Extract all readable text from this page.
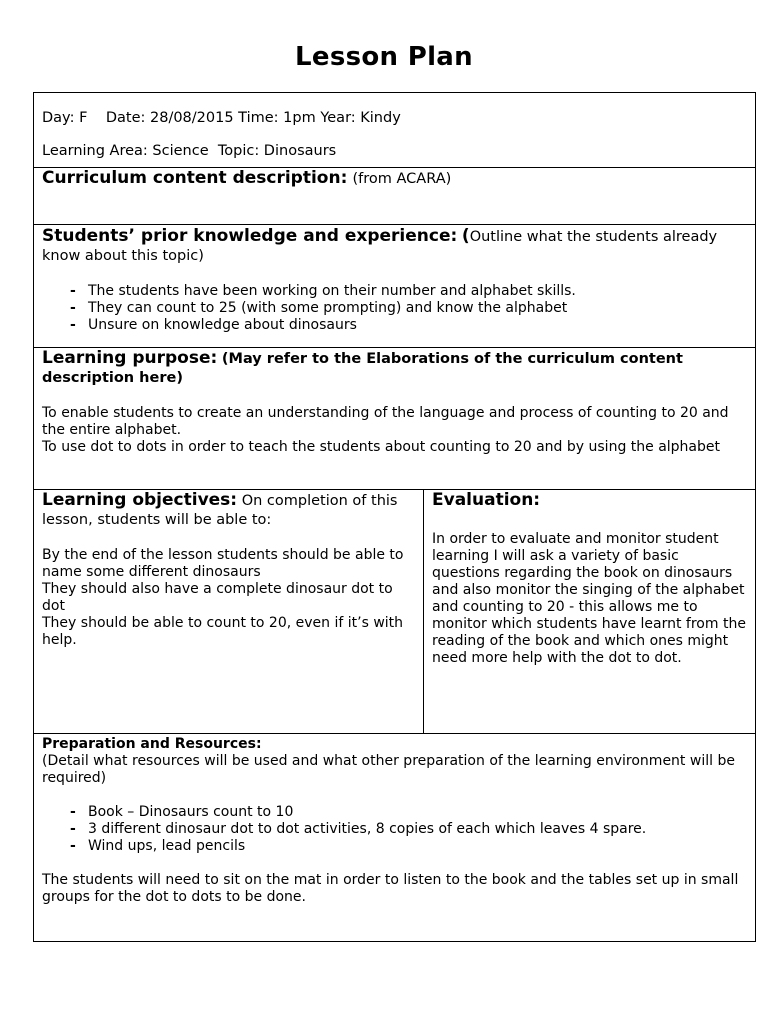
Lesson Plan

Day: F    Date: 28/08/2015 Time: 1pm Year: Kindy

Learning Area: Science  Topic: Dinosaurs

Curriculum content description: (from ACARA)
Students’ prior knowledge and experience: (Outline what the students already know about this topic)
- The students have been working on their number and alphabet skills.
- They can count to 25 (with some prompting) and know the alphabet
- Unsure on knowledge about dinosaurs
Learning purpose: (May refer to the Elaborations of the curriculum content description here)

To enable students to create an understanding of the language and process of counting to 20 and the entire alphabet.

To use dot to dots in order to teach the students about counting to 20 and by using the alphabet

Learning objectives: On completion of this lesson, students will be able to:

By the end of the lesson students should be able to name some different dinosaurs

They should also have a complete dinosaur dot to dot

They should be able to count to 20, even if it’s with help.

Evaluation:

In order to evaluate and monitor student learning I will ask a variety of basic questions regarding the book on dinosaurs and also monitor the singing of the alphabet and counting to 20 - this allows me to monitor which students have learnt from the reading of the book and which ones might need more help with the dot to dot.

Preparation and Resources:

(Detail what resources will be used and what other preparation of the learning environment will be required)

- Book – Dinosaurs count to 10
- 3 different dinosaur dot to dot activities, 8 copies of each which leaves 4 spare.
- Wind ups, lead pencils

The students will need to sit on the mat in order to listen to the book and the tables set up in small groups for the dot to dots to be done.
